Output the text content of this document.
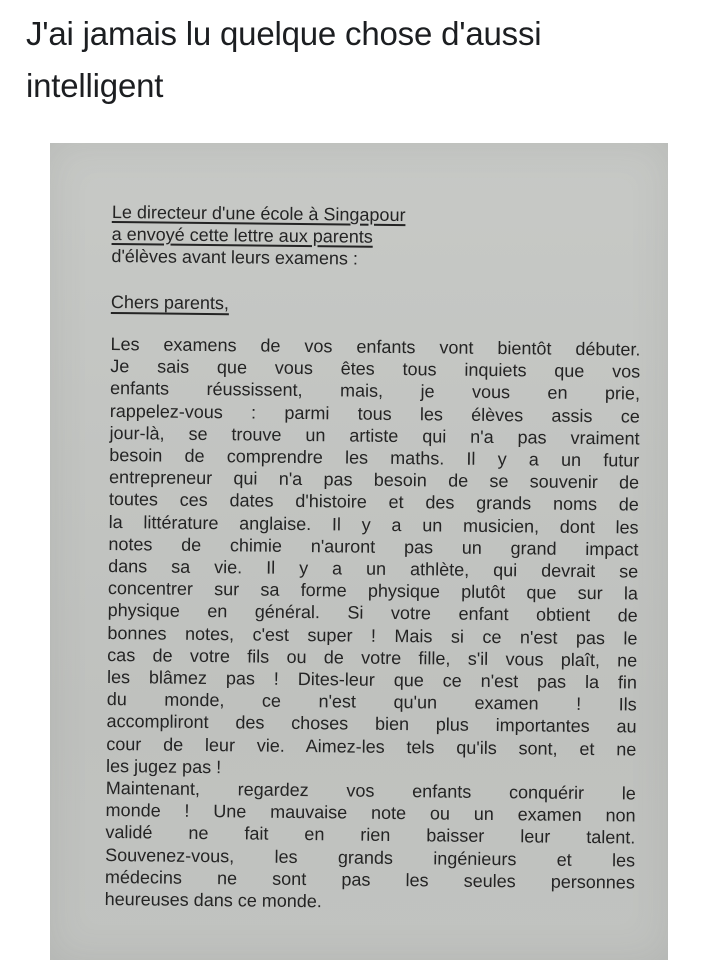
J'ai jamais lu quelque chose d'aussi intelligent
Le directeur d'une école à Singapour
a envoyé cette lettre aux parents
d'élèves avant leurs examens :
Chers parents,
Les examens de vos enfants vont bientôt débuter.
Je sais que vous êtes tous inquiets que vos
enfants réussissent, mais, je vous en prie,
rappelez-vous : parmi tous les élèves assis ce
jour-là, se trouve un artiste qui n'a pas vraiment
besoin de comprendre les maths. Il y a un futur
entrepreneur qui n'a pas besoin de se souvenir de
toutes ces dates d'histoire et des grands noms de
la littérature anglaise. Il y a un musicien, dont les
notes de chimie n'auront pas un grand impact
dans sa vie. Il y a un athlète, qui devrait se
concentrer sur sa forme physique plutôt que sur la
physique en général. Si votre enfant obtient de
bonnes notes, c'est super ! Mais si ce n'est pas le
cas de votre fils ou de votre fille, s'il vous plaît, ne
les blâmez pas ! Dites-leur que ce n'est pas la fin
du monde, ce n'est qu'un examen ! Ils
accompliront des choses bien plus importantes au
cour de leur vie. Aimez-les tels qu'ils sont, et ne
les jugez pas !
Maintenant, regardez vos enfants conquérir le
monde ! Une mauvaise note ou un examen non
validé ne fait en rien baisser leur talent.
Souvenez-vous, les grands ingénieurs et les
médecins ne sont pas les seules personnes
heureuses dans ce monde.
